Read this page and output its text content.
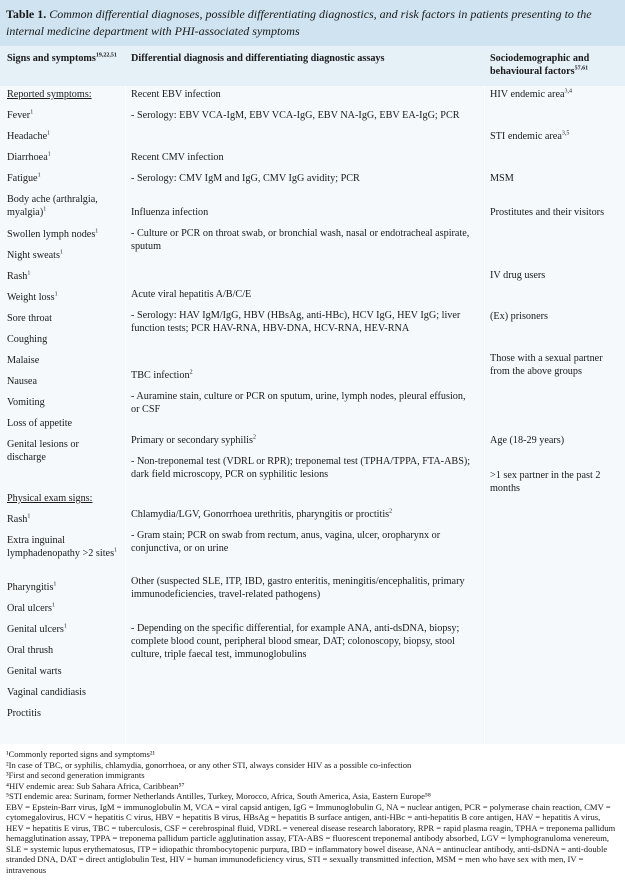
Table 1. Common differential diagnoses, possible differentiating diagnostics, and risk factors in patients presenting to the internal medicine department with PHI-associated symptoms
Signs and symptoms$^{19,22,51}$ Differential diagnosis and differentiating diagnostic assays	Sociodemographic and behavioural factors$^{57,61}$
¹Commonly reported signs and symptoms²¹
²In case of TBC, or syphilis, chlamydia, gonorrhoea, or any other STI, always consider HIV as a possible co-infection
³First and second generation immigrants
⁴HIV endemic area: Sub Sahara Africa, Caribbean⁵⁷
⁵STI endemic area: Surinam, former Netherlands Antilles, Turkey, Morocco, Africa, South America, Asia, Eastern Europe⁵⁸
EBV = Epstein-Barr virus, IgM = immunoglobulin M, VCA = viral capsid antigen, IgG = Immunoglobulin G, NA = nuclear antigen, PCR = polymerase chain reaction, CMV = cytomegalovirus, HCV = hepatitis C virus, HBV = hepatitis B virus, HBsAg = hepatitis B surface antigen, anti-HBc = anti-hepatitis B core antigen, HAV = hepatitis A virus, HEV = hepatitis E virus, TBC = tuberculosis, CSF = cerebrospinal fluid, VDRL = venereal disease research laboratory, RPR = rapid plasma reagin, TPHA = treponema pallidum hemagglutination assay, TPPA = treponema pallidum particle agglutination assay, FTA-ABS = fluorescent treponemal antibody absorbed, LGV = lymphogranuloma venereum, SLE = systemic lupus erythematosus, ITP = idiopathic thrombocytopenic purpura, IBD = inflammatory bowel disease, ANA = antinuclear antibody, anti-dsDNA = anti-double stranded DNA, DAT = direct antiglobulin Test, HIV = human immunodeficiency virus, STI = sexually transmitted infection, MSM = men who have sex with men, IV = intravenous
Reported symptoms:
Fever$^1$
Headache$^1$
Diarrhoea$^1$
Fatigue$^1$
Body ache (arthralgia, myalgia)$^1$
Swollen lymph nodes$^1$
Night sweats$^1$
Rash$^1$
Weight loss$^1$
Sore throat
Coughing
Malaise
Nausea
Vomiting
Loss of appetite
Genital lesions or discharge
Physical exam signs:
Rash$^1$
Extra inguinal lymphadenopathy >2 sites$^1$
Pharyngitis$^1$
Oral ulcers$^1$
Genital ulcers$^1$
Oral thrush
Genital warts
Vaginal candidiasis
Proctitis
Recent EBV infection
- Serology: EBV VCA-IgM, EBV VCA-IgG, EBV NA-IgG, EBV EA-IgG; PCR
Recent CMV infection
- Serology: CMV IgM and IgG, CMV IgG avidity; PCR
Influenza infection
- Culture or PCR on throat swab, or bronchial wash, nasal or endotracheal aspirate, sputum
Acute viral hepatitis A/B/C/E
- Serology: HAV IgM/IgG, HBV (HBsAg, anti-HBc), HCV IgG, HEV IgG; liver function tests; PCR HAV-RNA, HBV-DNA, HCV-RNA, HEV-RNA
TBC infection$^2$
- Auramine stain, culture or PCR on sputum, urine, lymph nodes, pleural effusion, or CSF
Primary or secondary syphilis$^2$
- Non-treponemal test (VDRL or RPR); treponemal test (TPHA/TPPA, FTA-ABS); dark field microscopy, PCR on syphilitic lesions
Chlamydia/LGV, Gonorrhoea urethritis, pharyngitis or proctitis$^2$
- Gram stain; PCR on swab from rectum, anus, vagina, ulcer, oropharynx or conjunctiva, or on urine
Other (suspected SLE, ITP, IBD, gastro enteritis, meningitis/encephalitis, primary immunodeficiencies, travel-related pathogens)
- Depending on the specific differential, for example ANA, anti-dsDNA, biopsy; complete blood count, peripheral blood smear, DAT; colonoscopy, biopsy, stool culture, triple faecal test, immunoglobulins
HIV endemic area$^{3,4}$
STI endemic area$^{3,5}$
MSM
Prostitutes and their visitors
IV drug users
(Ex) prisoners
Those with a sexual partner from the above groups
Age (18-29 years)
>1 sex partner in the past 2 months
